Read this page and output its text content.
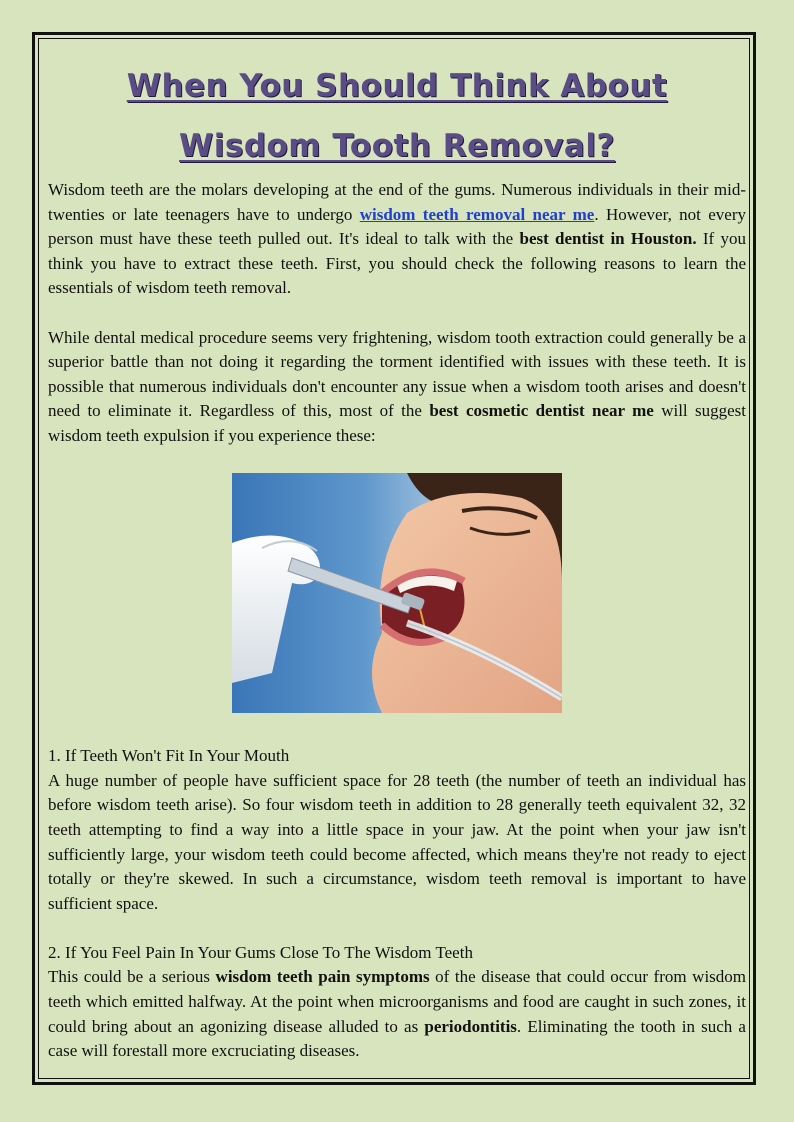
When You Should Think About
Wisdom Tooth Removal?

Wisdom teeth are the molars developing at the end of the gums. Numerous individuals in their mid-twenties or late teenagers have to undergo wisdom teeth removal near me. However, not every person must have these teeth pulled out. It's ideal to talk with the best dentist in Houston. If you think you have to extract these teeth. First, you should check the following reasons to learn the essentials of wisdom teeth removal.

While dental medical procedure seems very frightening, wisdom tooth extraction could generally be a superior battle than not doing it regarding the torment identified with issues with these teeth. It is possible that numerous individuals don't encounter any issue when a wisdom tooth arises and doesn't need to eliminate it. Regardless of this, most of the best cosmetic dentist near me will suggest wisdom teeth expulsion if you experience these:

1. If Teeth Won't Fit In Your Mouth

A huge number of people have sufficient space for 28 teeth (the number of teeth an individual has before wisdom teeth arise). So four wisdom teeth in addition to 28 generally teeth equivalent 32, 32 teeth attempting to find a way into a little space in your jaw. At the point when your jaw isn't sufficiently large, your wisdom teeth could become affected, which means they're not ready to eject totally or they're skewed. In such a circumstance, wisdom teeth removal is important to have sufficient space.

2. If You Feel Pain In Your Gums Close To The Wisdom Teeth

This could be a serious wisdom teeth pain symptoms of the disease that could occur from wisdom teeth which emitted halfway. At the point when microorganisms and food are caught in such zones, it could bring about an agonizing disease alluded to as periodontitis. Eliminating the tooth in such a case will forestall more excruciating diseases.
